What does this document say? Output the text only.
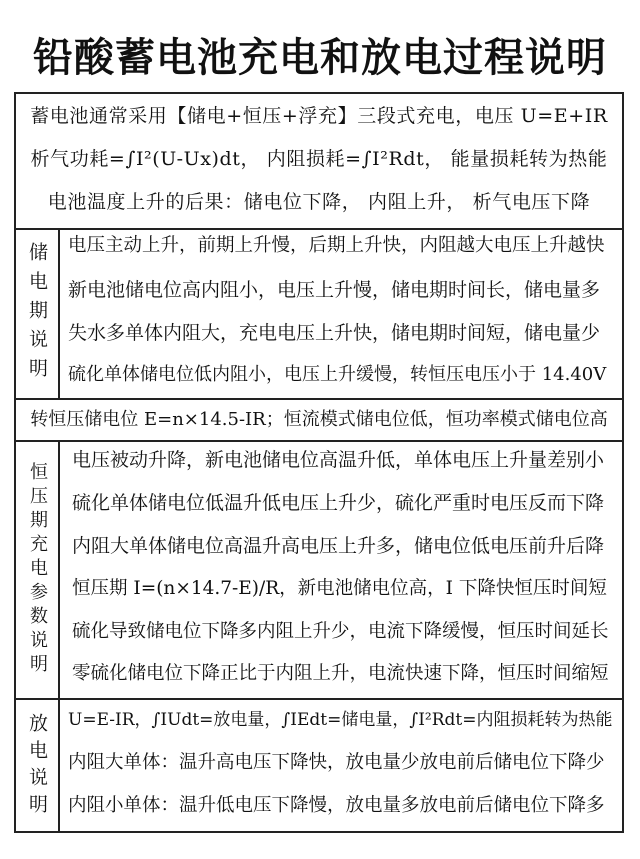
铅酸蓄电池充电和放电过程说明
蓄电池通常采用【储电+恒压+浮充】三段式充电，电压 U=E+IR
析气功耗=∫I²(U-Ux)dt， 内阻损耗=∫I²Rdt， 能量损耗转为热能
电池温度上升的后果：储电位下降， 内阻上升， 析气电压下降
储电期说明 电压主动上升，前期上升慢，后期上升快，内阻越大电压上升越快
新电池储电位高内阻小，电压上升慢，储电期时间长，储电量多
失水多单体内阻大，充电电压上升快，储电期时间短，储电量少
硫化单体储电位低内阻小，电压上升缓慢，转恒压电压小于 14.40V
转恒压储电位 E=n×14.5-IR；恒流模式储电位低，恒功率模式储电位高
恒压期充电参数说明
电压被动升降，新电池储电位高温升低，单体电压上升量差别小
硫化单体储电位低温升低电压上升少，硫化严重时电压反而下降
内阻大单体储电位高温升高电压上升多，储电位低电压前升后降
恒压期 I=(n×14.7-E)/R，新电池储电位高，I 下降快恒压时间短
硫化导致储电位下降多内阻上升少，电流下降缓慢，恒压时间延长
零硫化储电位下降正比于内阻上升，电流快速下降，恒压时间缩短
放电说明 U=E-IR，∫IUdt=放电量，∫IEdt=储电量，∫I²Rdt=内阻损耗转为热能
内阻大单体：温升高电压下降快，放电量少放电前后储电位下降少
内阻小单体：温升低电压下降慢，放电量多放电前后储电位下降多
